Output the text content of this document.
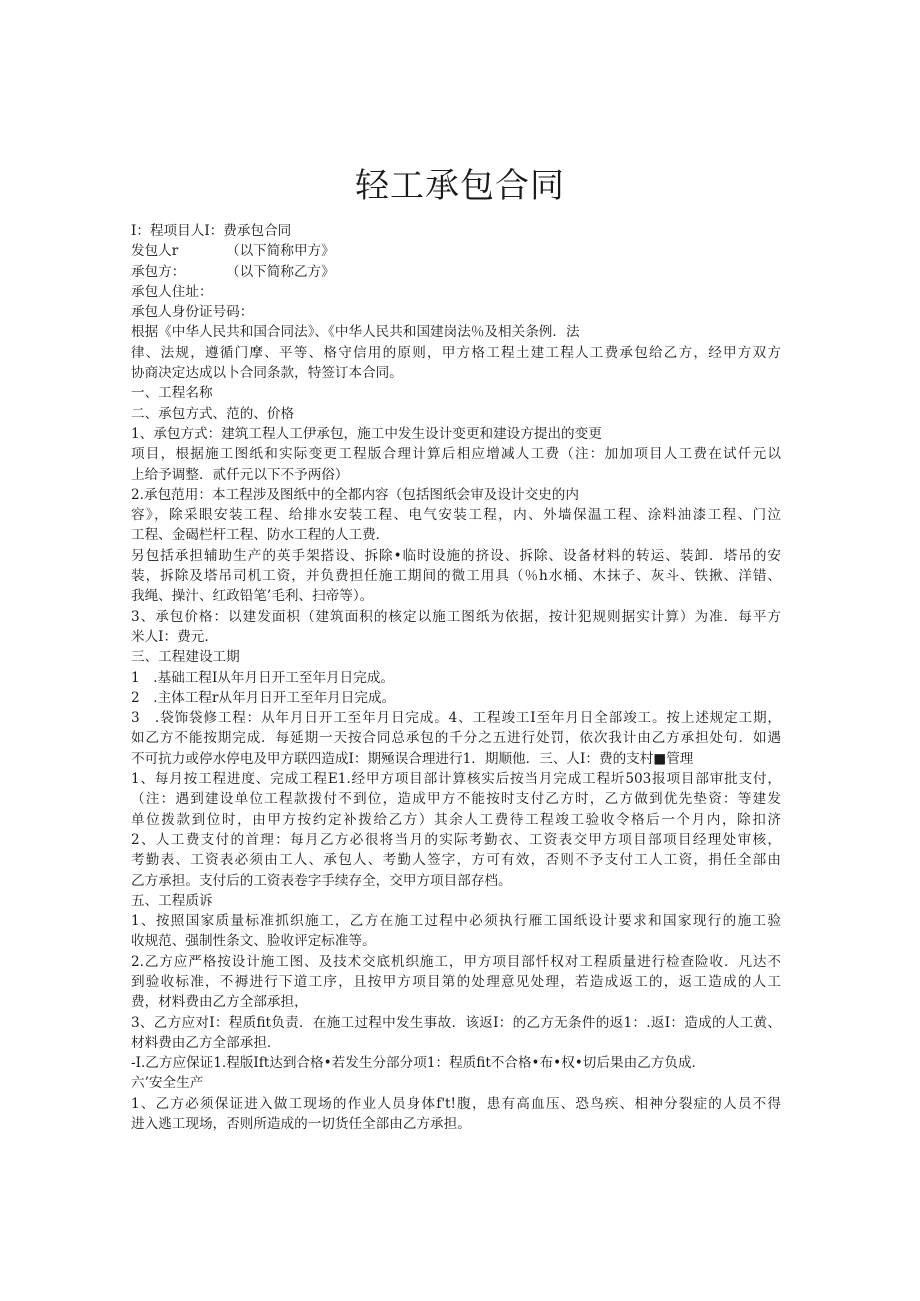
轻工承包合同
I：程项目人I：费承包合同
发包人r	（以下简称甲方》
承包方：	（以下简称乙方》
承包人住址：
承包人身份证号码：
根据《中华人民共和国合同法》、《中华人民共和国建岗法％及相关条例．法
律、法规，遵循门摩、平等、格守信用的原则，甲方格工程土建工程人工费承包给乙方，经甲方双方
协商决定达成以卜合同条款，特签订本合同。
一、工程名称
二、承包方式、范的、价格
1、承包方式：建筑工程人工伊承包，施工中发生设计变更和建设方提出的变更
项目，根据施工图纸和实际变更工程版合理计算后相应增减人工费（注：加加项目人工费在试仟元以
上给予调整．贰仟元以下不予两俗）
2.承包范用：本工程涉及图纸中的全都内容（包括图纸会审及设计交史的内
容》，除采眼安装工程、给排水安装工程、电气安装工程，内、外墙保温工程、涂料油漆工程、门泣
工程、金碣栏杆工程、防水工程的人工费．
另包括承担辅助生产的英手架搭设、拆除•临时设施的挤设、拆除、设备材料的转运、装卸．塔吊的安
装，拆除及塔吊司机工资，并负费担任施工期间的微工用具（％h水桶、木抹子、灰斗、铁揪、洋错、
我绳、操汁、红政铅笔’毛利、扫帝等）。
3、承包价格：以建发面枳（建筑面积的核定以施工图纸为依据，按计犯规则据实计算）为准．每平方
米人I：费元．
三、工程建设工期
1　.基础工程I从年月日开工至年月日完成。
2　.主体工程r从年月日开工至年月日完成。
3　.袋饰袋修工程：从年月日开工至年月日完成。4、工程竣工I至年月日全部竣工。按上述规定工期，
如乙方不能按期完成．每延期一天按合同总承包的千分之五进行处罚，依次我计由乙方承担处句．如遇
不可抗力或停水停电及甲方联四造成I：期殛误合理进行1．期顺他．三、人I：费的支村■管理
1、每月按工程进度、完成工程E1.经甲方项目部计算核实后按当月完成工程圻503报项目部审批支付，
（注：遇到建设单位工程款拨付不到位，造成甲方不能按时支付乙方时，乙方做到优先垫资：等建发
单位拨款到位时，由甲方按约定补拨给乙方）其余人工费待工程竣工验收令格后一个月内，除扣济
2、人工费支付的首理：每月乙方必很将当月的实际考勤衣、工资表交甲方项目部项目经理处审核，
考勤表、工资表必须由工人、承包人、考勤人签字，方可有效，否则不予支付工人工资，捐任全部由
乙方承担。支付后的工资表卷字手续存全，交甲方项目部存档。
五、工程质诉
1、按照国家质量标准抓织施工，乙方在施工过程中必须执行雁工国纸设计要求和国家现行的施工验
收规范、强制性条文、脸收评定标准等。
2.乙方应严格按设计施工图、及技术交底机织施工，甲方项目部忏权对工程质量进行检查险收．凡达不
到验收标准，不褥进行下道工序，且按甲方项目第的处理意见处理，若造成返工的，返工造成的人工
费，材料费由乙方全部承担，
3、乙方应对I：程质fit负责．在施工过程中发生事故．该返I：的乙方无条件的返1：.返I：造成的人工黄、
材料费由乙方全部承担．
-I.乙方应保证1.程版Ift达到合格•若发生分部分项1：程质fit不合格•布•权•切后果由乙方负成．
六’安全生产
1、乙方必须保证进入做工现场的作业人员身体f't!腹，患有高血压、恐鸟疾、相神分裂症的人员不得
进入逃工现场，否则所造成的一切货任全部由乙方承担。
